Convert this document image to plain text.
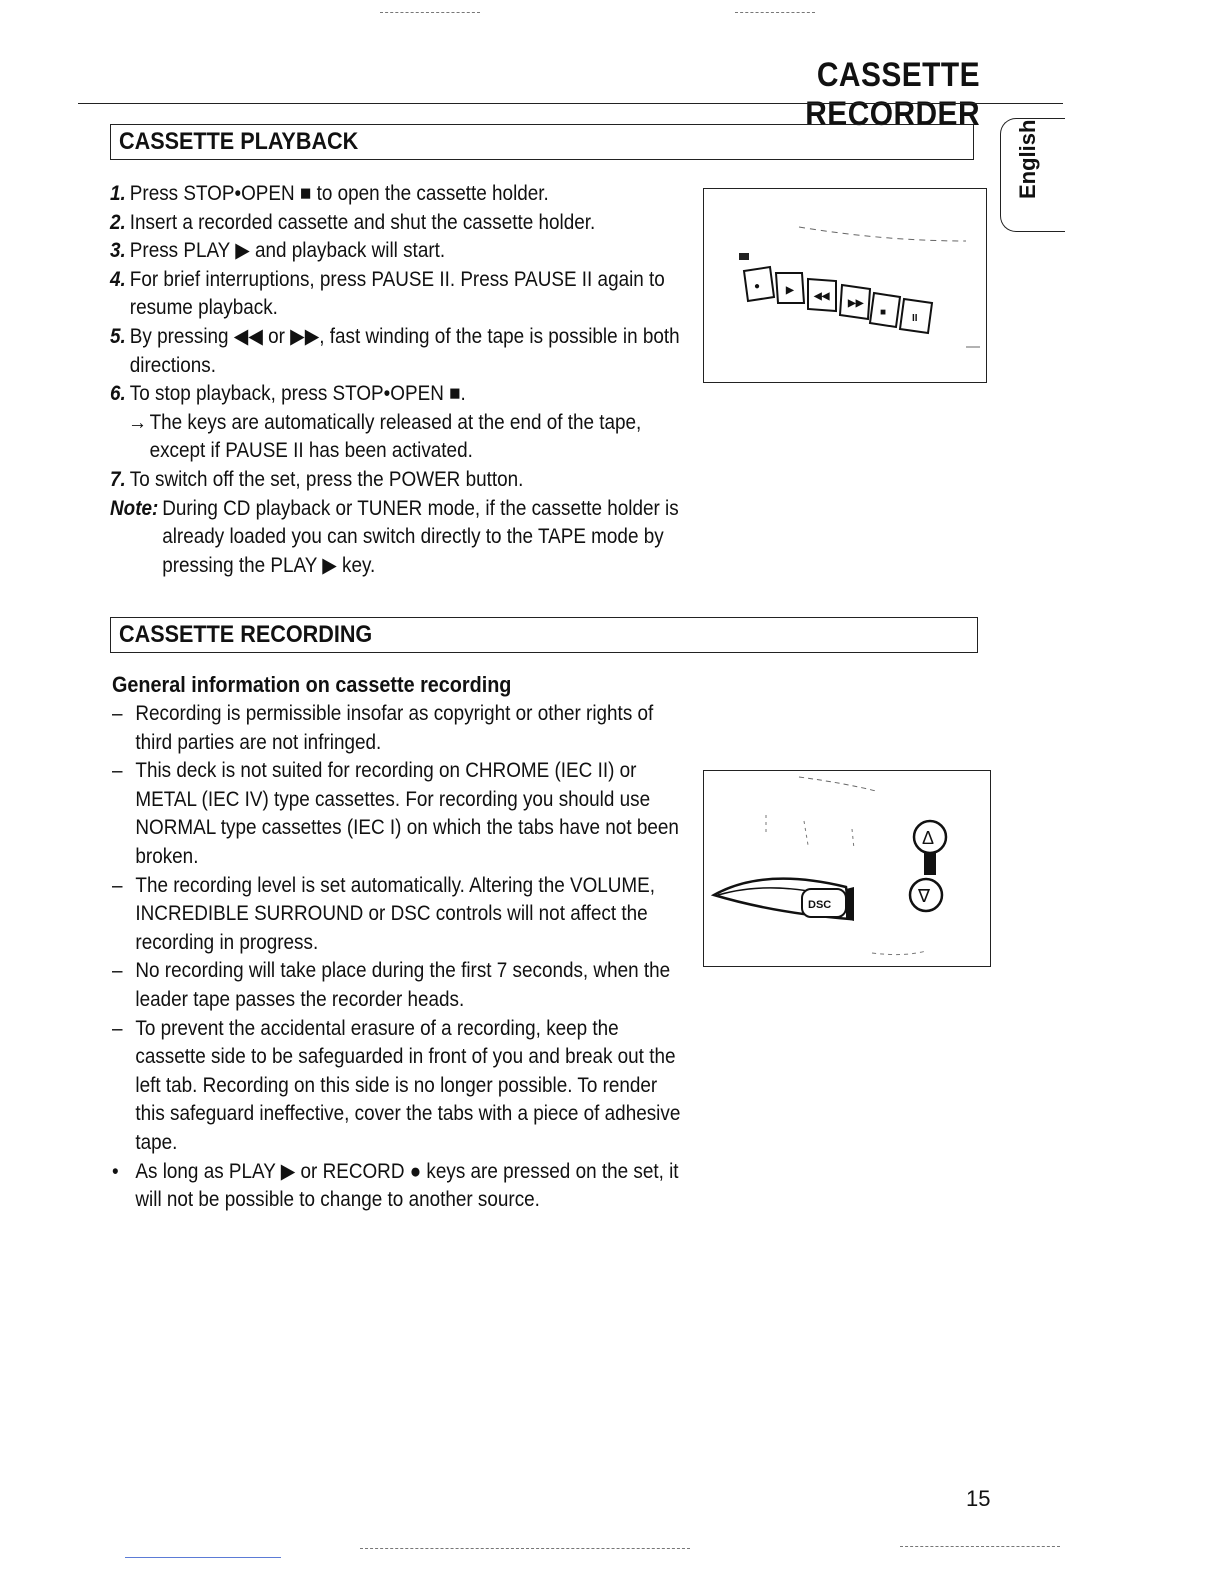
CASSETTE RECORDER
English
CASSETTE PLAYBACK
1. Press STOP•OPEN ■ to open the cassette holder.
2. Insert a recorded cassette and shut the cassette holder.
3. Press PLAY ▶ and playback will start.
4. For brief interruptions, press PAUSE II. Press PAUSE II again to resume playback.
5. By pressing ◀◀ or ▶▶, fast winding of the tape is possible in both directions.
6. To stop playback, press STOP•OPEN ■.
→ The keys are automatically released at the end of the tape, except if PAUSE II has been activated.
7. To switch off the set, press the POWER button.
Note: During CD playback or TUNER mode, if the cassette holder is already loaded you can switch directly to the TAPE mode by pressing the PLAY ▶ key.
●	▶
◀◀
▶▶
■
II
CASSETTE RECORDING
General information on cassette recording
– Recording is permissible insofar as copyright or other rights of third parties are not infringed.
– This deck is not suited for recording on CHROME (IEC II) or METAL (IEC IV) type cassettes. For recording you should use NORMAL type cassettes (IEC I) on which the tabs have not been broken.
– The recording level is set automatically. Altering the VOLUME, INCREDIBLE SURROUND or DSC controls will not affect the recording in progress.
– No recording will take place during the first 7 seconds, when the leader tape passes the recorder heads.
– To prevent the accidental erasure of a recording, keep the cassette side to be safeguarded in front of you and break out the left tab. Recording on this side is no longer possible. To render this safeguard ineffective, cover the tabs with a piece of adhesive tape.
• As long as PLAY ▶ or RECORD ● keys are pressed on the set, it will not be possible to change to another source.
DSC
Δ
∇
15
